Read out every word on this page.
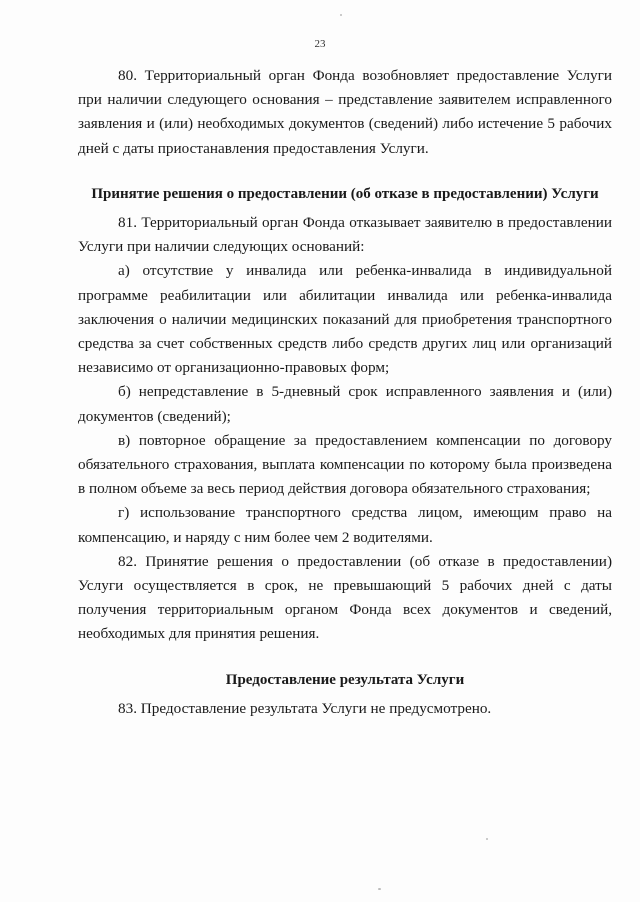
23

80. Территориальный орган Фонда возобновляет предоставление Услуги при наличии следующего основания – представление заявителем исправленного заявления и (или) необходимых документов (сведений) либо истечение 5 рабочих дней с даты приостанавления предоставления Услуги.

Принятие решения о предоставлении (об отказе в предоставлении) Услуги

81. Территориальный орган Фонда отказывает заявителю в предоставлении Услуги при наличии следующих оснований:

а) отсутствие у инвалида или ребенка-инвалида в индивидуальной программе реабилитации или абилитации инвалида или ребенка-инвалида заключения о наличии медицинских показаний для приобретения транспортного средства за счет собственных средств либо средств других лиц или организаций независимо от организационно-правовых форм;

б) непредставление в 5-дневный срок исправленного заявления и (или) документов (сведений);

в) повторное обращение за предоставлением компенсации по договору обязательного страхования, выплата компенсации по которому была произведена в полном объеме за весь период действия договора обязательного страхования;

г) использование транспортного средства лицом, имеющим право на компенсацию, и наряду с ним более чем 2 водителями.

82. Принятие решения о предоставлении (об отказе в предоставлении) Услуги осуществляется в срок, не превышающий 5 рабочих дней с даты получения территориальным органом Фонда всех документов и сведений, необходимых для принятия решения.

Предоставление результата Услуги

83. Предоставление результата Услуги не предусмотрено.
